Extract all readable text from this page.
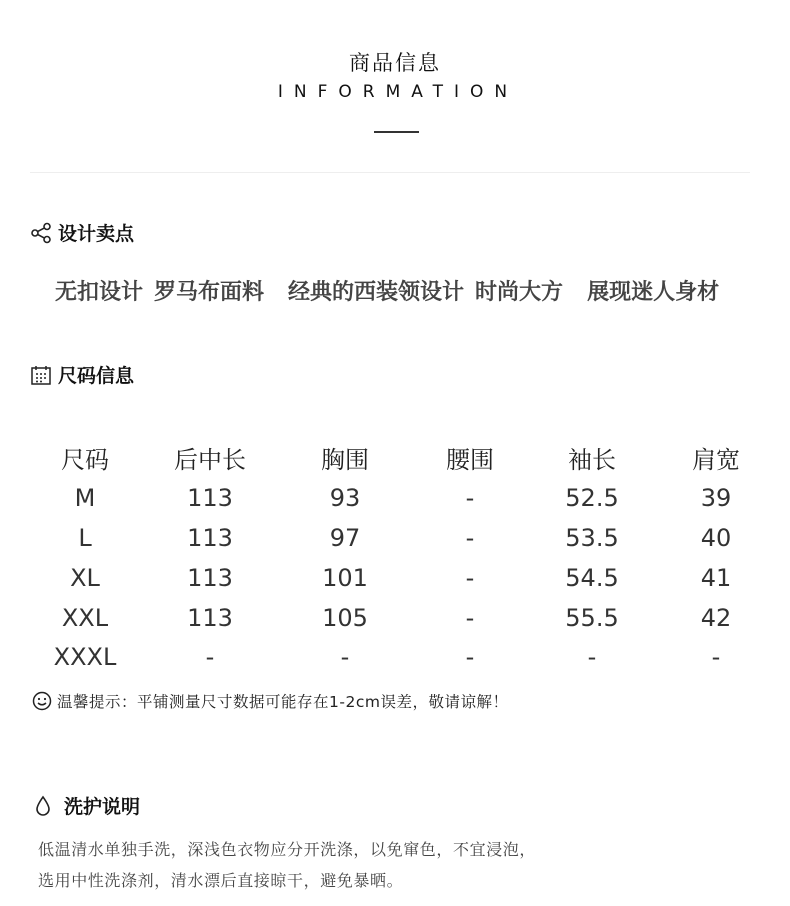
商品信息
INFORMATION
设计卖点
无扣设计 罗马布面料 经典的西装领设计 时尚大方 展现迷人身材
尺码信息
尺码	后中长	胸围	腰围	袖长	肩宽
M	113	93	-	52.5	39
L	113	97	-	53.5	40
XL	113	101	-	54.5	41
XXL	113	105	-	55.5	42
XXXL	-	-	-	-	-
温馨提示：平铺测量尺寸数据可能存在1-2cm误差，敬请谅解！
洗护说明
低温清水单独手洗，深浅色衣物应分开洗涤，以免窜色，不宜浸泡，
选用中性洗涤剂，清水漂后直接晾干，避免暴晒。
